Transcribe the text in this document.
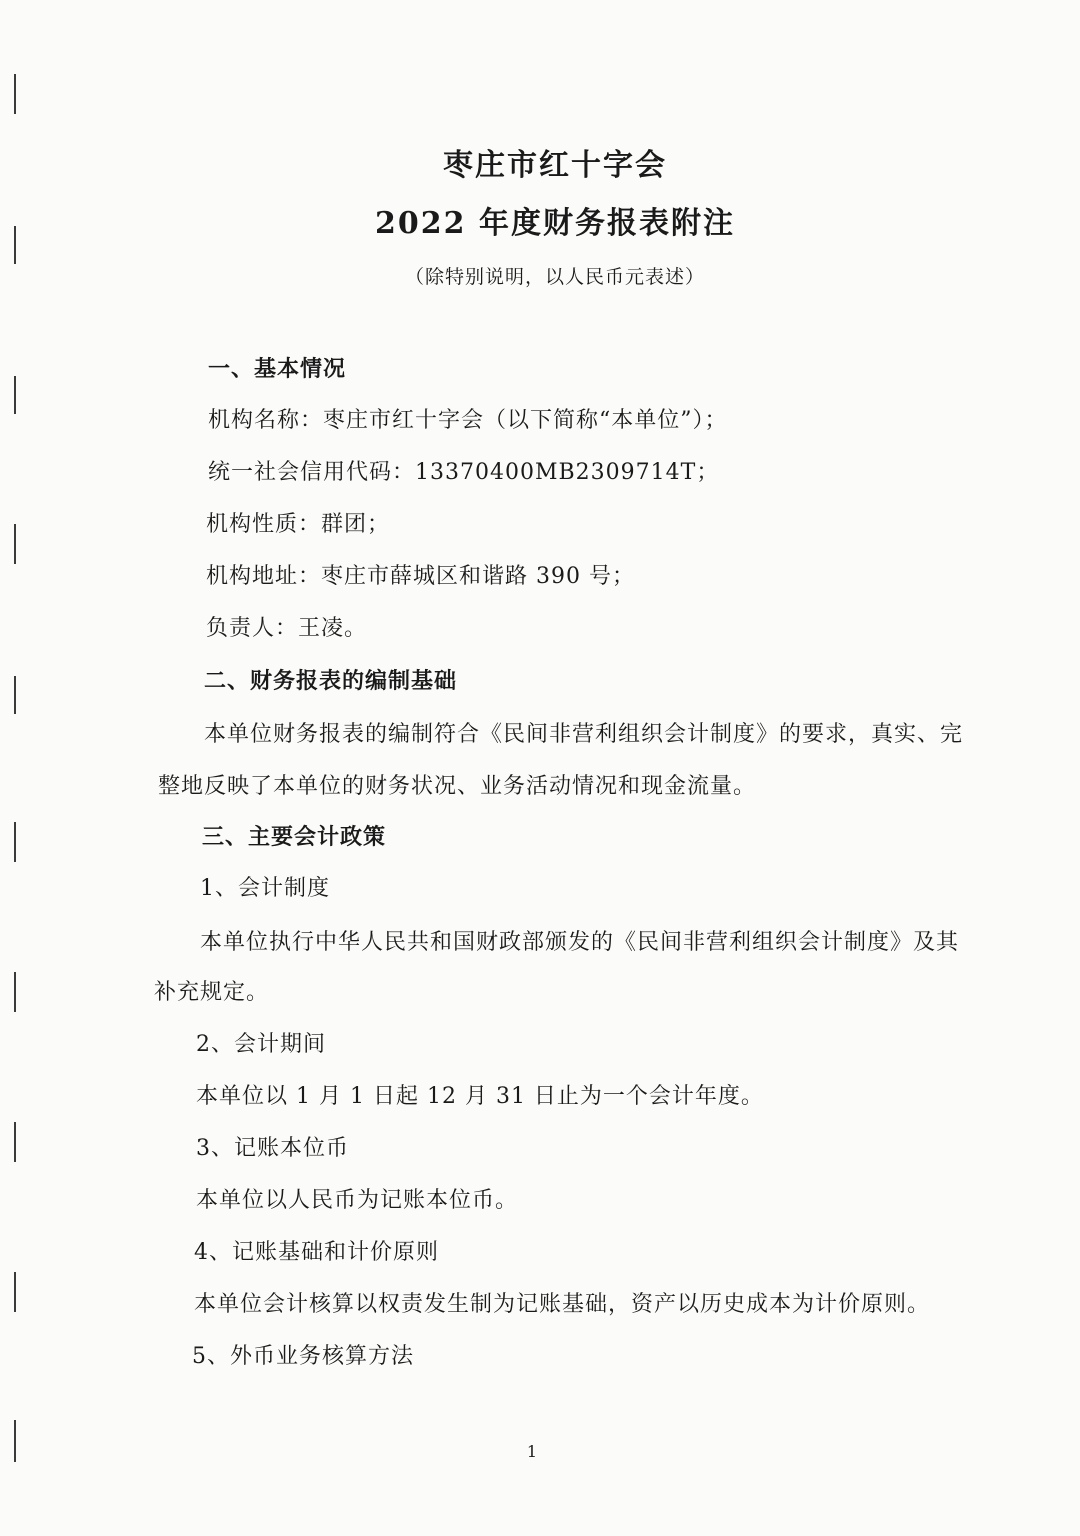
枣庄市红十字会
2022 年度财务报表附注
（除特别说明，以人民币元表述）
一、基本情况
机构名称：枣庄市红十字会（以下简称“本单位”）；
统一社会信用代码：13370400MB2309714T；
机构性质：群团；
机构地址：枣庄市薛城区和谐路 390 号；
负责人：王凌。
二、财务报表的编制基础
本单位财务报表的编制符合《民间非营利组织会计制度》的要求，真实、完
整地反映了本单位的财务状况、业务活动情况和现金流量。
三、主要会计政策
1、会计制度
本单位执行中华人民共和国财政部颁发的《民间非营利组织会计制度》及其
补充规定。
2、会计期间
本单位以 1 月 1 日起 12 月 31 日止为一个会计年度。
3、记账本位币
本单位以人民币为记账本位币。
4、记账基础和计价原则
本单位会计核算以权责发生制为记账基础，资产以历史成本为计价原则。
5、外币业务核算方法
1
